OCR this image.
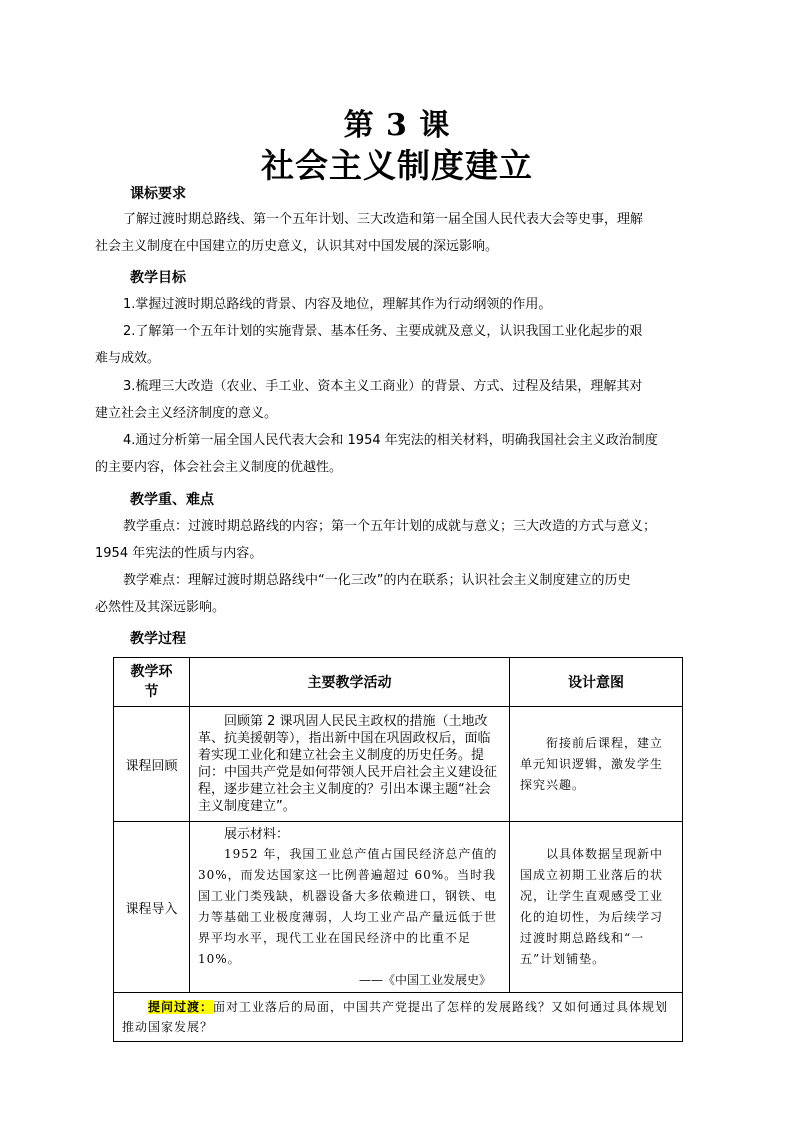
第 3 课
社会主义制度建立
课标要求

了解过渡时期总路线、第一个五年计划、三大改造和第一届全国人民代表大会等史事，理解
社会主义制度在中国建立的历史意义，认识其对中国发展的深远影响。

教学目标

1.掌握过渡时期总路线的背景、内容及地位，理解其作为行动纲领的作用。

2.了解第一个五年计划的实施背景、基本任务、主要成就及意义，认识我国工业化起步的艰
难与成效。

3.梳理三大改造（农业、手工业、资本主义工商业）的背景、方式、过程及结果，理解其对
建立社会主义经济制度的意义。

4.通过分析第一届全国人民代表大会和 1954 年宪法的相关材料，明确我国社会主义政治制度
的主要内容，体会社会主义制度的优越性。

教学重、难点

教学重点：过渡时期总路线的内容；第一个五年计划的成就与意义；三大改造的方式与意义；
1954 年宪法的性质与内容。

教学难点：理解过渡时期总路线中“一化三改”的内在联系；认识社会主义制度建立的历史
必然性及其深远影响。

教学过程
教学环节	主要教学活动	设计意图
课程回顾	回顾第 2 课巩固人民民主政权的措施（土地改革、抗美援朝等），指出新中国在巩固政权后，面临着实现工业化和建立社会主义制度的历史任务。提问：中国共产党是如何带领人民开启社会主义建设征程，逐步建立社会主义制度的？引出本课主题“社会主义制度建立”。	衔接前后课程，建立单元知识逻辑，激发学生探究兴趣。

课程导入	展示材料：
1952 年，我国工业总产值占国民经济总产值的 30%，而发达国家这一比例普遍超过 60%。当时我国工业门类残缺，机器设备大多依赖进口，钢铁、电力等基础工业极度薄弱，人均工业产品产量远低于世界平均水平，现代工业在国民经济中的比重不足 10%。
——《中国工业发展史》	以具体数据呈现新中国成立初期工业落后的状况，让学生直观感受工业化的迫切性，为后续学习过渡时期总路线和“一五”计划铺垫。

提问过渡：面对工业落后的局面，中国共产党提出了怎样的发展路线？又如何通过具体规划推动国家发展？		
